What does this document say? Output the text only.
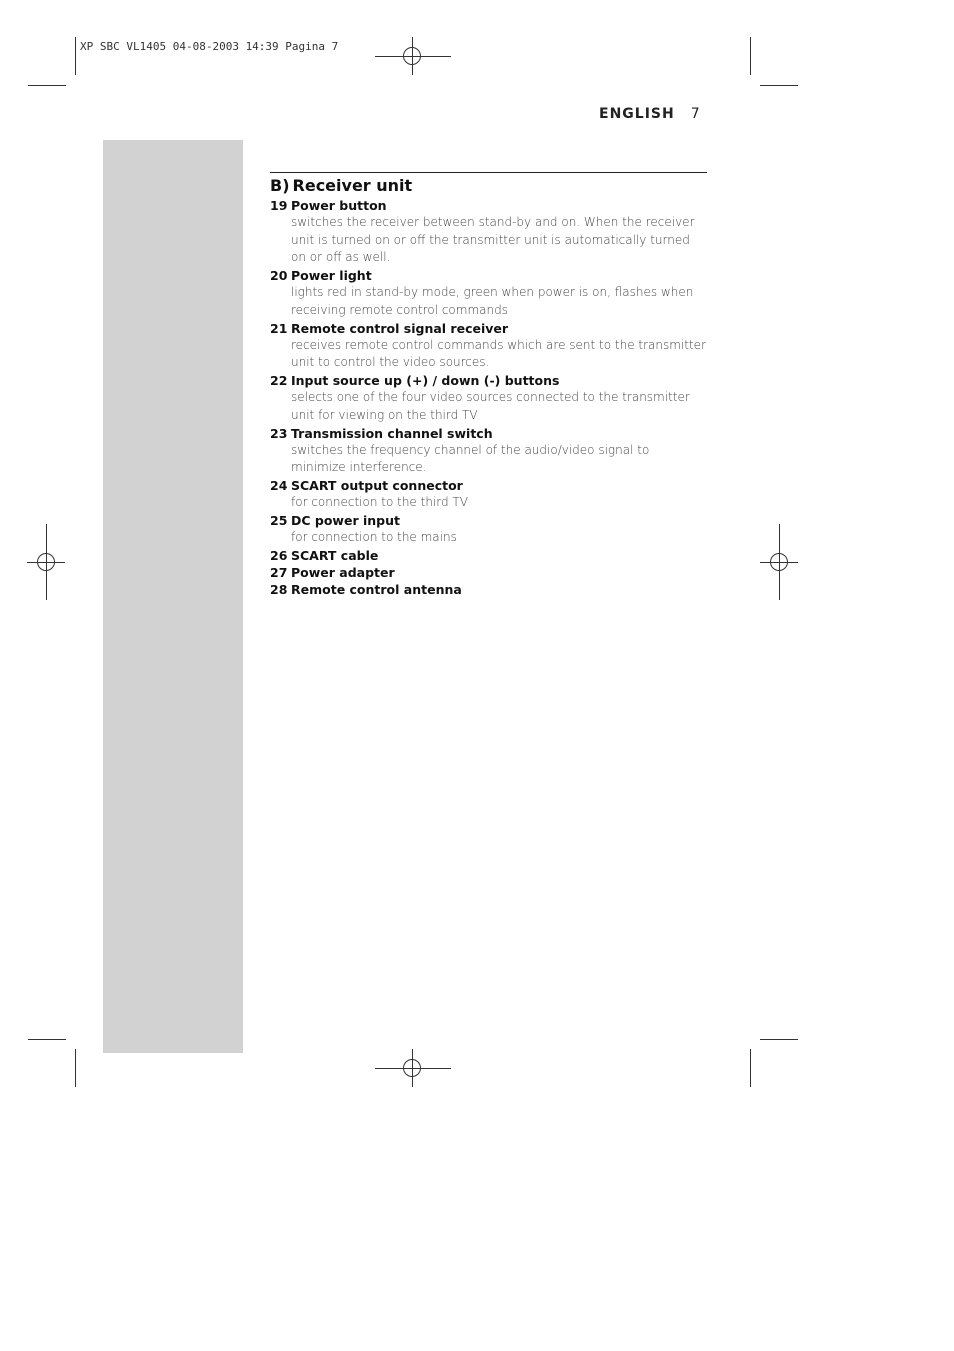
XP SBC VL1405 04-08-2003 14:39 Pagina 7
ENGLISH 7
B) Receiver unit
19 Power button
switches the receiver between stand-by and on. When the receiver unit is turned on or off the transmitter unit is automatically turned on or off as well.
20 Power light
lights red in stand-by mode, green when power is on, flashes when receiving remote control commands
21 Remote control signal receiver
receives remote control commands which are sent to the transmitter unit to control the video sources.
22 Input source up (+) / down (-) buttons
selects one of the four video sources connected to the transmitter unit for viewing on the third TV
23 Transmission channel switch
switches the frequency channel of the audio/video signal to minimize interference.
24 SCART output connector
for connection to the third TV
25 DC power input
for connection to the mains
26 SCART cable
27 Power adapter
28 Remote control antenna
